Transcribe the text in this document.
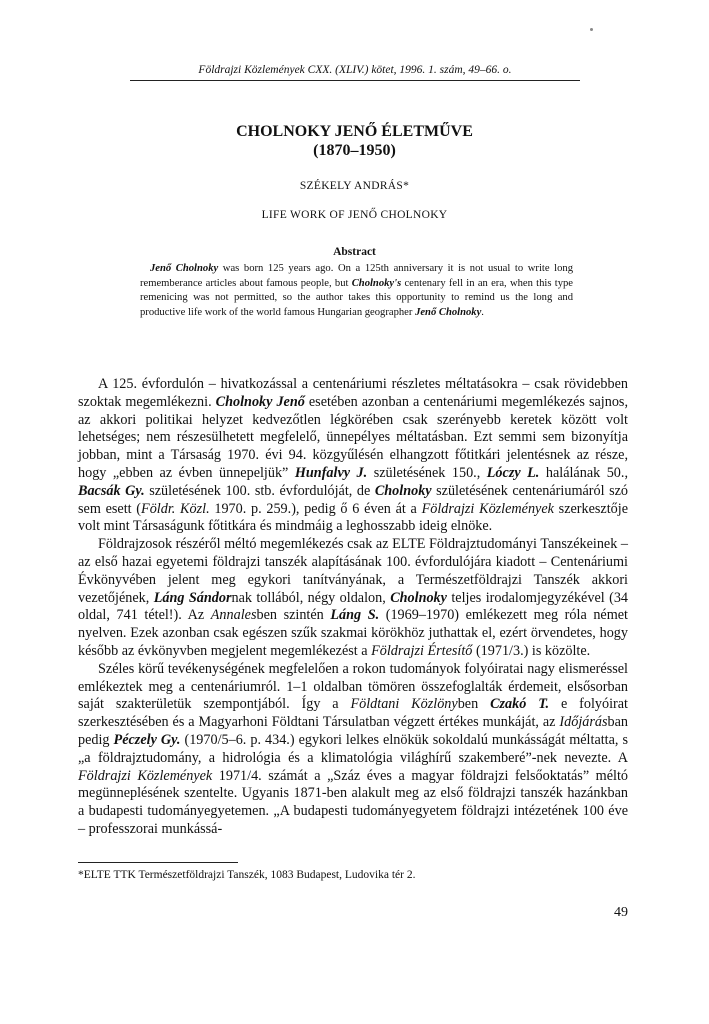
Földrajzi Közlemények CXX. (XLIV.) kötet, 1996. 1. szám, 49–66. o.
CHOLNOKY JENŐ ÉLETMŰVE
(1870–1950)
SZÉKELY ANDRÁS*
LIFE WORK OF JENŐ CHOLNOKY
Abstract

Jenő Cholnoky was born 125 years ago. On a 125th anniversary it is not usual to write long rememberance articles about famous people, but Cholnoky's centenary fell in an era, when this type remenicing was not permitted, so the author takes this opportunity to remind us the long and productive life work of the world famous Hungarian geographer Jenő Cholnoky.

A 125. évfordulón – hivatkozással a centenáriumi részletes méltatásokra – csak rövidebben szoktak megemlékezni. Cholnoky Jenő esetében azonban a centenáriumi megemlékezés sajnos, az akkori politikai helyzet kedvezőtlen légkörében csak szerényebb keretek között volt lehetséges; nem részesülhetett megfelelő, ünnepélyes méltatásban. Ezt semmi sem bizonyítja jobban, mint a Társaság 1970. évi 94. közgyűlésén elhangzott főtitkári jelentésnek az része, hogy „ebben az évben ünnepeljük” Hunfalvy J. születésének 150., Lóczy L. halálának 50., Bacsák Gy. születésének 100. stb. évfordulóját, de Cholnoky születésének centenáriumáról szó sem esett (Földr. Közl. 1970. p. 259.), pedig ő 6 éven át a Földrajzi Közlemények szerkesztője volt mint Társaságunk főtitkára és mindmáig a leghosszabb ideig elnöke.

Földrajzosok részéről méltó megemlékezés csak az ELTE Földrajztudományi Tanszékeinek – az első hazai egyetemi földrajzi tanszék alapításának 100. évfordulójára kiadott – Centenáriumi Évkönyvében jelent meg egykori tanítványának, a Természetföldrajzi Tanszék akkori vezetőjének, Láng Sándornak tollából, négy oldalon, Cholnoky teljes irodalomjegyzékével (34 oldal, 741 tétel!). Az Annalesben szintén Láng S. (1969–1970) emlékezett meg róla német nyelven. Ezek azonban csak egészen szűk szakmai körökhöz juthattak el, ezért örvendetes, hogy később az évkönyvben megjelent megemlékezést a Földrajzi Értesítő (1971/3.) is közölte.

Széles körű tevékenységének megfelelően a rokon tudományok folyóiratai nagy elismeréssel emlékeztek meg a centenáriumról. 1–1 oldalban tömören összefoglalták érdemeit, elsősorban saját szakterületük szempontjából. Így a Földtani Közlönyben Czakó T. e folyóirat szerkesztésében és a Magyarhoni Földtani Társulatban végzett értékes munkáját, az Időjárásban pedig Péczely Gy. (1970/5–6. p. 434.) egykori lelkes elnökük sokoldalú munkásságát méltatta, s „a földrajztudomány, a hidrológia és a klimatológia világhírű szakemberé”-nek nevezte. A Földrajzi Közlemények 1971/4. számát a „Száz éves a magyar földrajzi felsőoktatás” méltó megünneplésének szentelte. Ugyanis 1871-ben alakult meg az első földrajzi tanszék hazánkban a budapesti tudományegyetemen. „A budapesti tudományegyetem földrajzi intézetének 100 éve – professzorai munkássá-

*ELTE TTK Természetföldrajzi Tanszék, 1083 Budapest, Ludovika tér 2.
49
